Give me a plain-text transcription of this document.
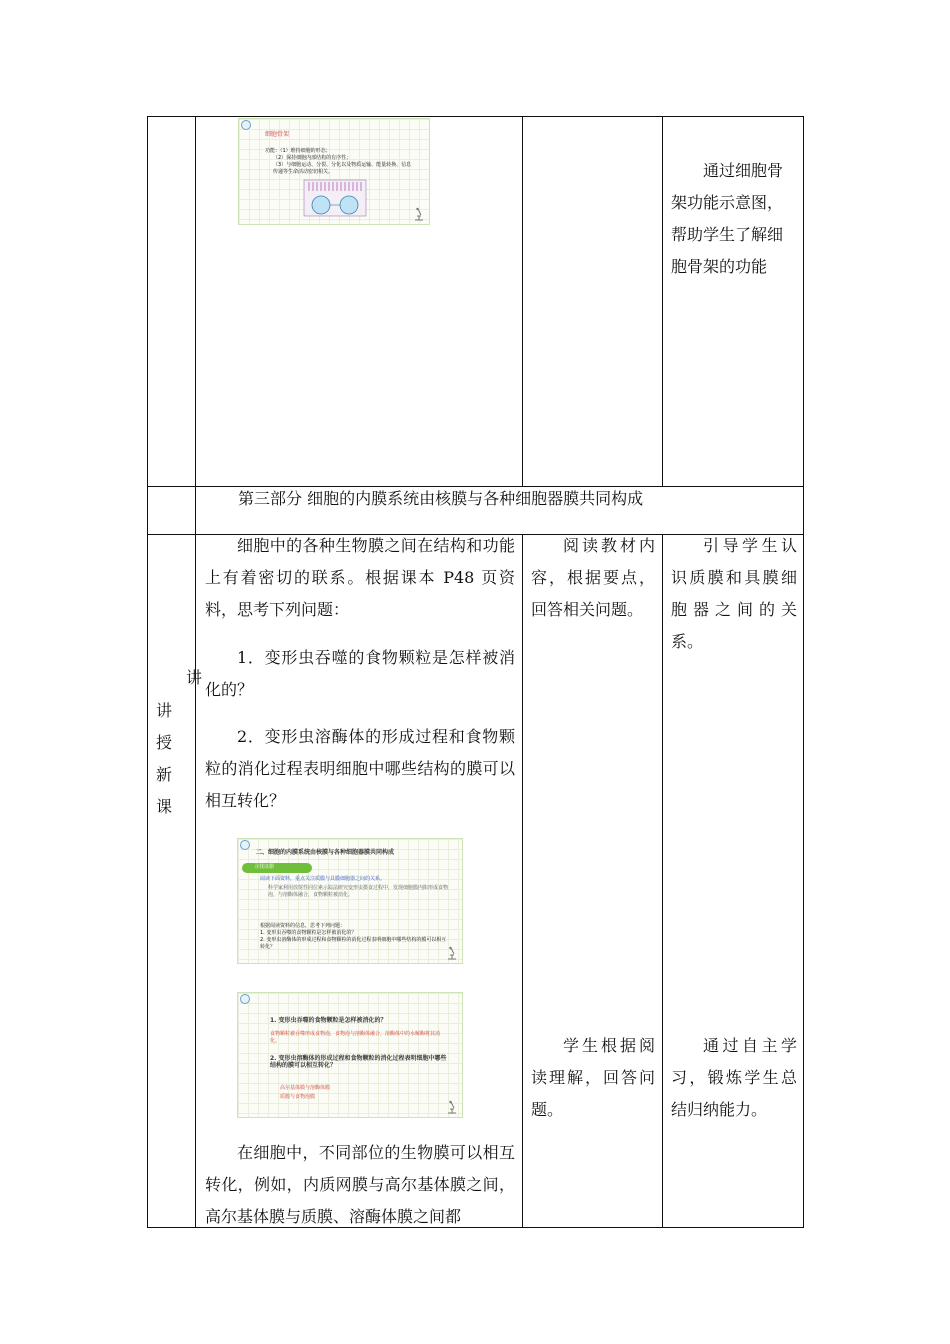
细胞骨架
功能：（1）维持细胞的形态；
（2）保持细胞内部结构的有序性；
（3）与细胞运动、分裂、分化以及物质运输、能量转换、信息传递等生命活动密切相关。	通过细胞骨架功能示意图，帮助学生了解细胞骨架的功能
第三部分 细胞的内膜系统由核膜与各种细胞器膜共同构成
讲授新课
讲
细胞中的各种生物膜之间在结构和功能上有着密切的联系。根据课本 P48 页资料，思考下列问题：
1．变形虫吞噬的食物颗粒是怎样被消化的？
2．变形虫溶酶体的形成过程和食物颗粒的消化过程表明细胞中哪些结构的膜可以相互转化？
二、细胞的内膜系统由核膜与各种细胞器膜共同构成
寻找证据
阅读下面资料，重点关注质膜与具膜细胞器之间的关系。
科学家利用放射性同位素示踪法研究变形虫摄食过程中，发现细胞膜内陷形成食物泡，与溶酶体融合，食物颗粒被消化。
根据阅读资料的信息，思考下列问题：
1. 变形虫吞噬的食物颗粒是怎样被消化的？
2. 变形虫溶酶体的形成过程和食物颗粒的消化过程表明细胞中哪些结构的膜可以相互转化？
1. 变形虫吞噬的食物颗粒是怎样被消化的？
食物颗粒被吞噬形成食物泡，食物泡与溶酶体融合，溶酶体中的水解酶将其消化。
2. 变形虫溶酶体的形成过程和食物颗粒的消化过程表明细胞中哪些结构的膜可以相互转化？
高尔基体膜与溶酶体膜
质膜与食物泡膜
在细胞中，不同部位的生物膜可以相互转化，例如，内质网膜与高尔基体膜之间，高尔基体膜与质膜、溶酶体膜之间都
阅读教材内容，根据要点，回答相关问题。
学生根据阅读理解，回答问题。
引导学生认识质膜和具膜细胞器之间的关系。
通过自主学习，锻炼学生总结归纳能力。
